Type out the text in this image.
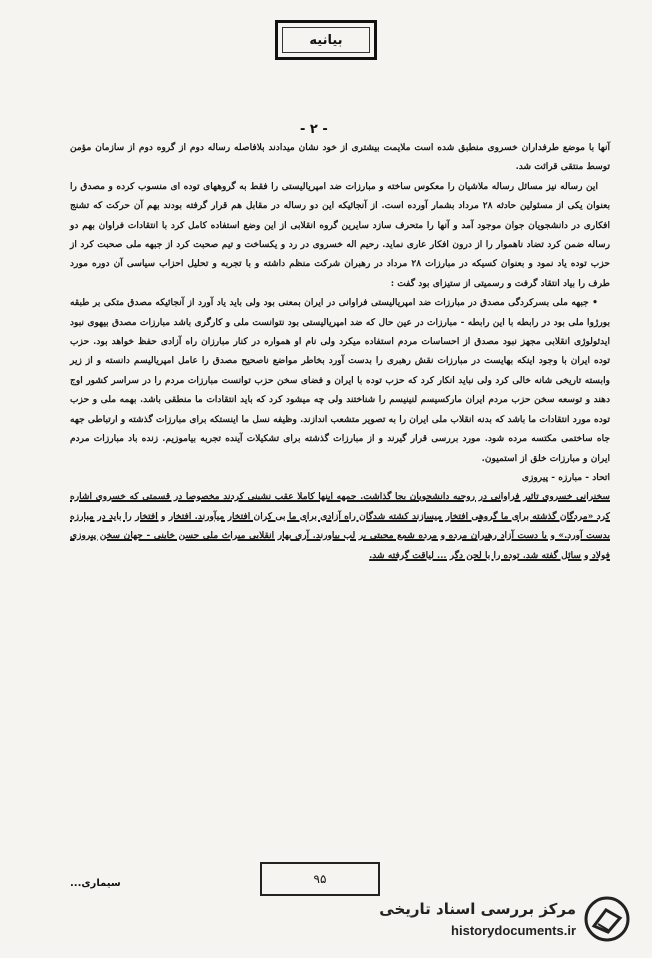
بیانیه
- ۲ -

آنها با موضع طرفداران خسروی منطبق شده است ملایمت بیشتری از خود نشان میدادند بلافاصله رساله دوم از گروه دوم از سازمان مؤمن توسط منتقی قرائت شد.

این رساله نیز مسائل رساله ملاشیان را معکوس ساخته و مبارزات ضد امپریالیستی را فقط به گروههای توده ای منسوب کرده و مصدق را بعنوان یکی از مسئولین حادثه ۲۸ مرداد بشمار آورده است. از آنجائیکه این دو رساله در مقابل هم قرار گرفته بودند بهم آن حرکت که تشنج افکاری در دانشجویان جوان موجود آمد و آنها را متحرف سازد سایرین گروه انقلابی از این وضع استفاده کامل کرد با انتقادات فراوان بهم دو رساله ضمن کرد تضاد ناهموار را از درون افکار عاری نماید. رحیم اله خسروی در رد و یکساخت و تیم صحبت کرد از جبهه ملی صحبت کرد از حزب توده یاد نمود و بعنوان کسیکه در مبارزات ۲۸ مرداد در رهبران شرکت منظم داشته و با تجربه و تحلیل احزاب سیاسی آن دوره مورد طرف را بیاد انتقاد گرفت و رسمیتی از ستیزای بود گفت :

• جبهه ملی بسرکردگی مصدق در مبارزات ضد امپریالیستی فراوانی در ایران بمعنی بود ولی باید یاد آورد از آنجائیکه مصدق متکی بر طبقه بورژوا ملی بود در رابطه با این رابطه - مبارزات در عین حال که ضد امپریالیستی بود نتوانست ملی و کارگری باشد مبارزات مصدق بیهوی نبود ایدئولوژی انقلابی مجهز نبود مصدق از احساسات مردم استفاده میکرد ولی نام او همواره در کنار مبارزان راه آزادی حفظ خواهد بود. حزب توده ایران با وجود اینکه بهایست در مبارزات نقش رهبری را بدست آورد بخاطر مواضع ناصحیح مصدق را عامل امپریالیسم دانسته و از زیر وابسته تاریخی شانه خالی کرد ولی نباید انکار کرد که حزب توده با ایران و فضای سخن حزب توانست مبارزات مردم را در سراسر کشور اوج دهند و توسعه سخن حزب مردم ایران مارکسیسم لنینیسم را شناختند ولی چه میشود کرد که باید انتقادات ما منطقی باشد. بهمه ملی و حزب توده مورد انتقادات ما باشد که بدنه انقلاب ملی ایران را به تصویر متشعب اندازند. وظیفه نسل ما اینستکه برای مبارزات گذشته و ارتباطی جهه جاه ساختمی مکتسه مرده شود. مورد بررسی قرار گیرند و از مبارزات گذشته برای تشکیلات آینده تجربه بیاموزیم. زنده باد مبارزات مردم ایران و مبارزات خلق از استمیون.

اتحاد - مبارزه - پیروزی

سخنرانی خسروی تاثیر فراوانی در روحیه دانشجویان بجا گذاشت. جمهه اینها کاملا عقب نشینی کردند مخصوصا در قسمتی که خسروی اشاره کرد «مردگان گذشته برای ما گروهی افتخار میسازند کشته شدگان راه آزادی برای ما بی کران افتخار میآورند. افتخار و افتخار را باید در مبارزه بدست آورد.» و با دست آزاد رهبران مرده و مرده شمع محبتی بر لب بیاورند. آری بهار انقلابی میراث ملی حسن خاینی - جهان سخن پیروزی فولاد و سائل گفته شد. توده را با لحن دگر ... لیاقت گرفته شد.

۹۵
سیماری...
مرکز بررسی اسناد تاریخی
historydocuments.ir
